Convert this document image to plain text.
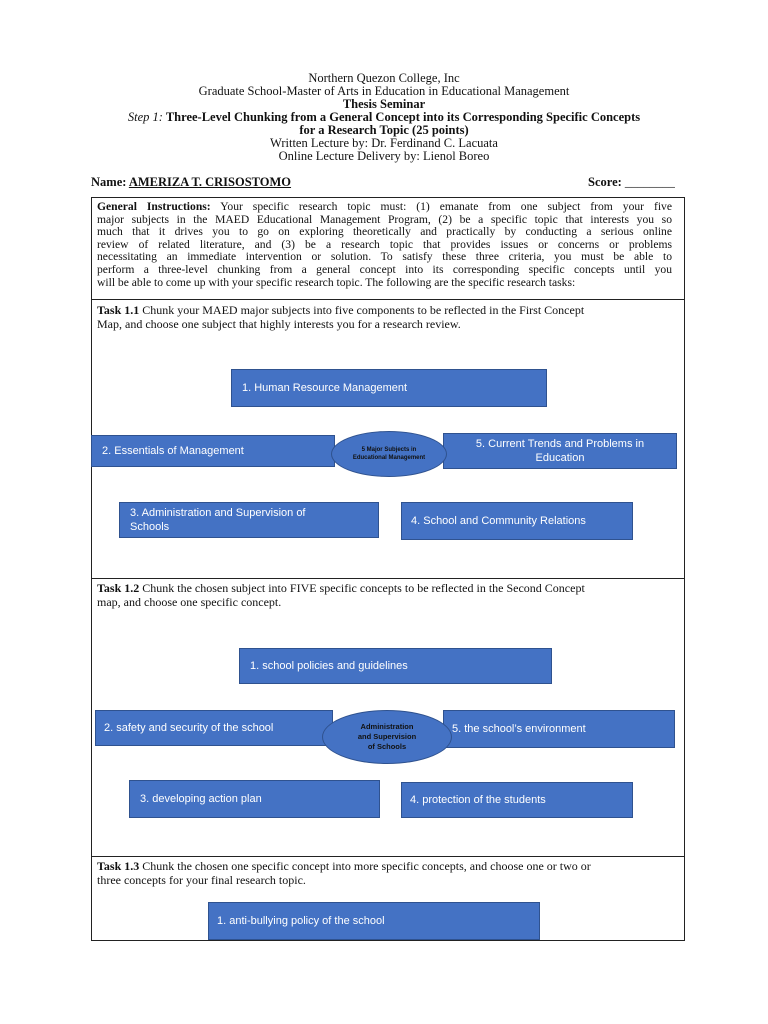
Northern Quezon College, Inc
Graduate School-Master of Arts in Education in Educational Management
Thesis Seminar
Step 1: Three-Level Chunking from a General Concept into its Corresponding Specific Concepts
for a Research Topic (25 points)
Written Lecture by: Dr. Ferdinand C. Lacuata
Online Lecture Delivery by: Lienol Boreo
Name: AMERIZA T. CRISOSTOMO	Score: ________
General Instructions: Your specific research topic must: (1) emanate from one subject from your five
major subjects in the MAED Educational Management Program, (2) be a specific topic that interests you so
much that it drives you to go on exploring theoretically and practically by conducting a serious online
review of related literature, and (3) be a research topic that provides issues or concerns or problems
necessitating an immediate intervention or solution. To satisfy these three criteria, you must be able to
perform a three-level chunking from a general concept into its corresponding specific concepts until you
will be able to come up with your specific research topic. The following are the specific research tasks:
Task 1.1 Chunk your MAED major subjects into five components to be reflected in the First Concept
Map, and choose one subject that highly interests you for a research review.
1. Human Resource Management
2. Essentials of Management
5. Current Trends and Problems in
Education
5 Major Subjects in
Educational Management
3. Administration and Supervision of
Schools	4. School and Community Relations
Task 1.2 Chunk the chosen subject into FIVE specific concepts to be reflected in the Second Concept
map, and choose one specific concept.
1. school policies and guidelines
2. safety and security of the school	5. the school’s environment
Administration
and Supervision
of Schools
3. developing action plan	4. protection of the students
Task 1.3 Chunk the chosen one specific concept into more specific concepts, and choose one or two or
three concepts for your final research topic.
1. anti-bullying policy of the school
